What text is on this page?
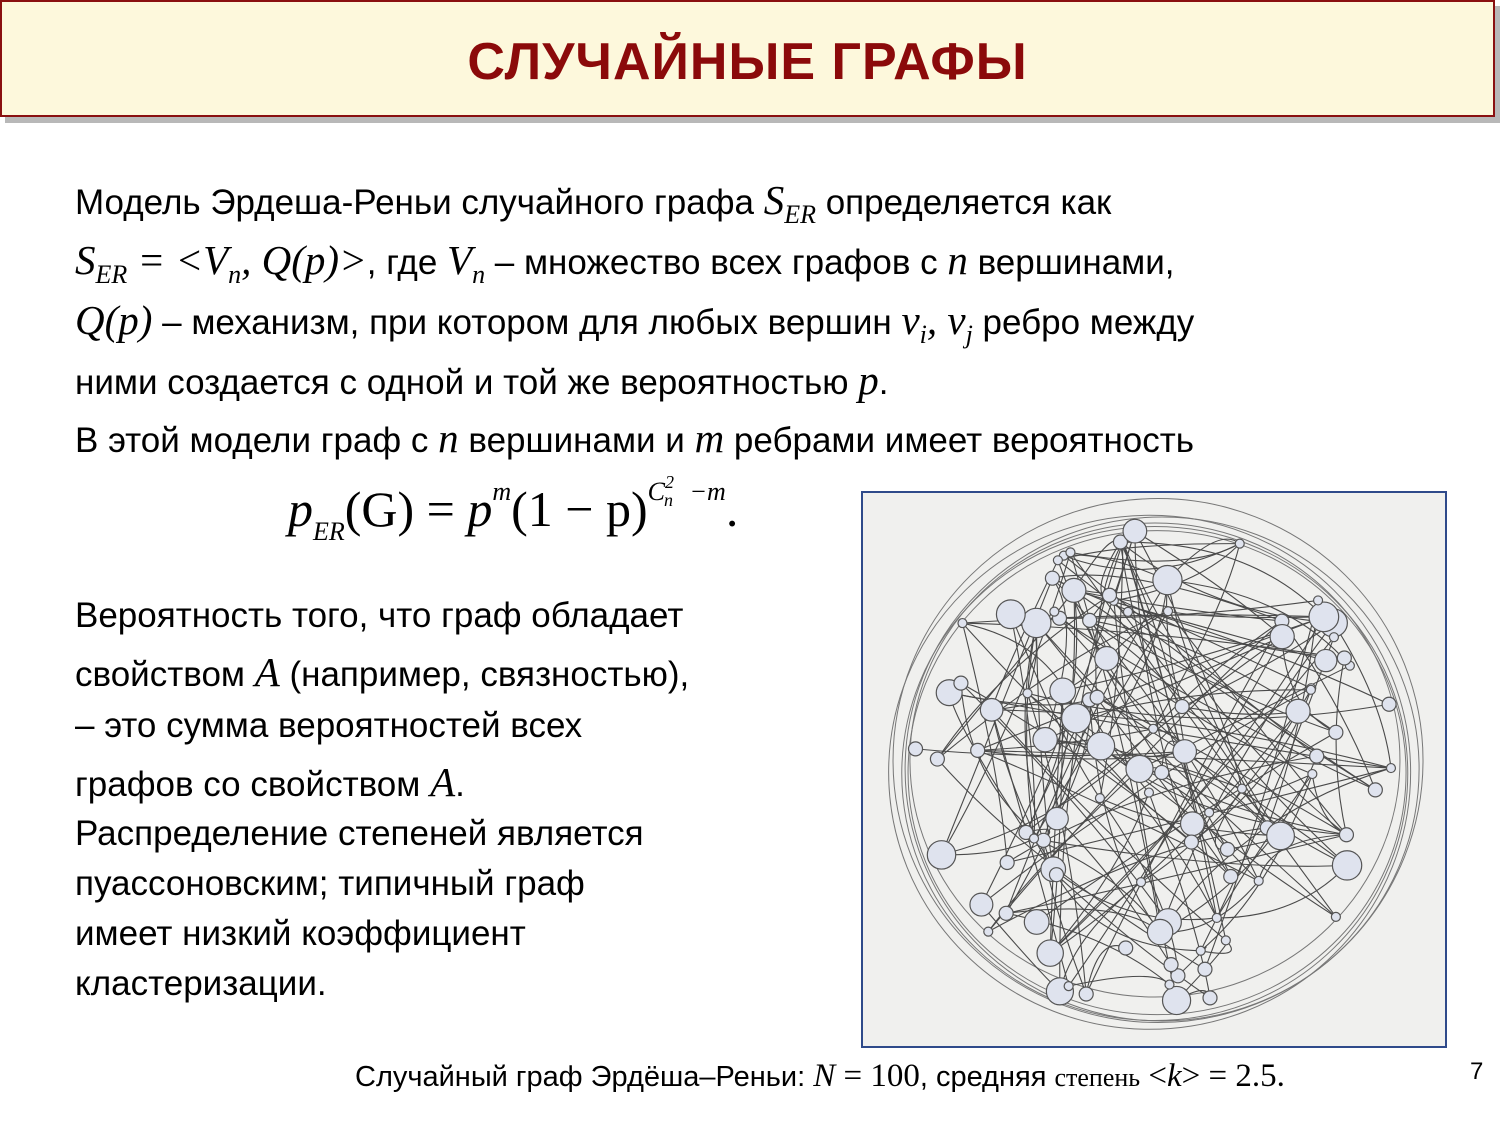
СЛУЧАЙНЫЕ ГРАФЫ
Модель Эрдеша-Реньи случайного графа $S_{ER}$ определяется как
$S_{ER} = <V_n$, Q(p)>, где $V_n$ – множество всех графов с n вершинами,
Q(p) – механизм, при котором для любых вершин $v_i$, $v_j$ ребро между
ними создается с одной и той же вероятностью p.
В этой модели граф с n вершинами и m ребрами имеет вероятность
$p_{ER}(G) = p^m(1 - p)^{C^2_n -m}$.
Вероятность того, что граф обладает
свойством A (например, связностью),
– это сумма вероятностей всех
графов со свойством A.
Распределение степеней является
пуассоновским; типичный граф
имеет низкий коэффициент
кластеризации.
Случайный граф Эрдёша–Реньи: N = 100, средняя степень <k> = 2.5.	7
